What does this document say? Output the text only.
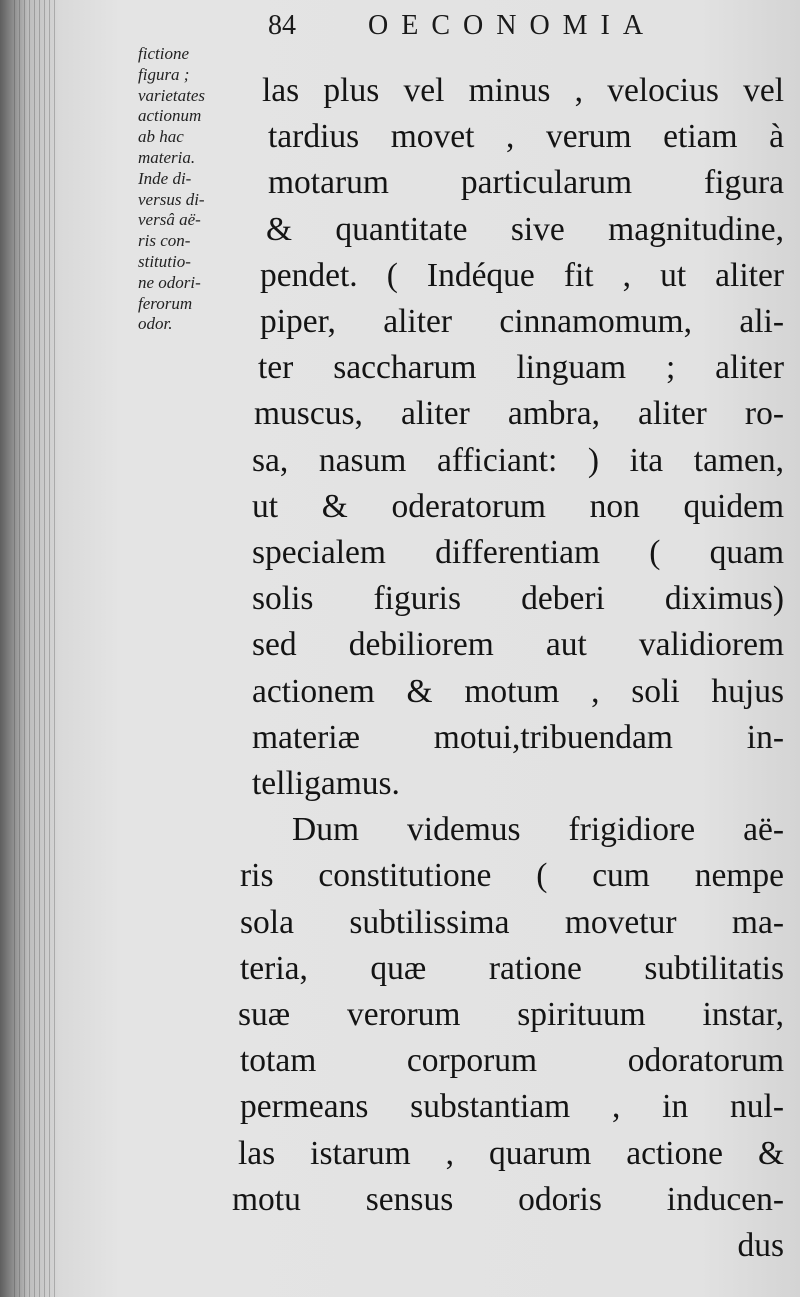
84	OECONOMIA
fictione
figura ;
varietates
actionum
ab hac
materia.
Inde di-
versus di-
versâ aë-
ris con-
stitutio-
ne odori-
ferorum
odor.
las plus vel minus , velocius vel
tardius movet , verum etiam à
motarum particularum figura
& quantitate sive magnitudine,
pendet. ( Indéque fit , ut aliter
piper, aliter cinnamomum, ali-
ter saccharum linguam ; aliter
muscus, aliter ambra, aliter ro-
sa, nasum afficiant: ) ita tamen,
ut & oderatorum non quidem
specialem differentiam ( quam
solis figuris deberi diximus)
sed debiliorem aut validiorem
actionem & motum , soli hujus
materiæ motui,tribuendam in-
telligamus.
Dum videmus frigidiore aë-
ris constitutione ( cum nempe
sola subtilissima movetur ma-
teria, quæ ratione subtilitatis
suæ verorum spirituum instar,
totam corporum odoratorum
permeans substantiam , in nul-
las istarum , quarum actione &
motu sensus odoris inducen-
dus
